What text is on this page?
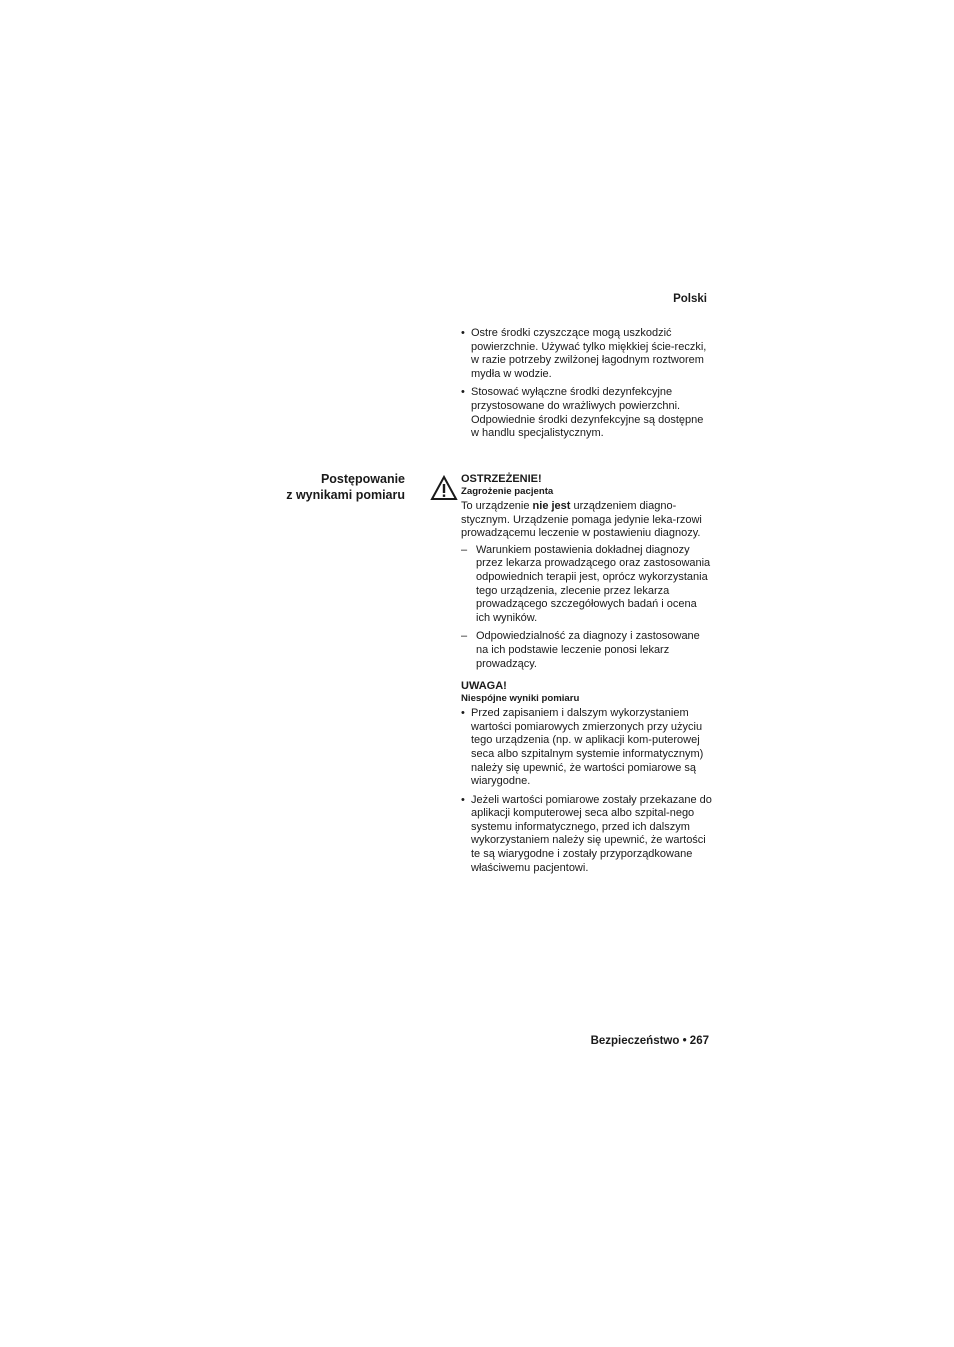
Polski

• Ostre środki czyszczące mogą uszkodzić powierzchnie. Używać tylko miękkiej ście-reczki, w razie potrzeby zwilżonej łagodnym roztworem mydła w wodzie.

• Stosować wyłączne środki dezynfekcyjne przystosowane do wrażliwych powierzchni. Odpowiednie środki dezynfekcyjne są dostępne w handlu specjalistycznym.

Postępowanie
z wynikami pomiaru
OSTRZEŻENIE!
Zagrożenie pacjenta

To urządzenie nie jest urządzeniem diagno-stycznym. Urządzenie pomaga jedynie leka-rzowi prowadzącemu leczenie w postawieniu diagnozy.

– Warunkiem postawienia dokładnej diagnozy przez lekarza prowadzącego oraz zastosowania odpowiednich terapii jest, oprócz wykorzystania tego urządzenia, zlecenie przez lekarza prowadzącego szczegółowych badań i ocena ich wyników.

– Odpowiedzialność za diagnozy i zastosowane na ich podstawie leczenie ponosi lekarz prowadzący.

UWAGA!
Niespójne wyniki pomiaru

• Przed zapisaniem i dalszym wykorzystaniem wartości pomiarowych zmierzonych przy użyciu tego urządzenia (np. w aplikacji kom-puterowej seca albo szpitalnym systemie informatycznym) należy się upewnić, że wartości pomiarowe są wiarygodne.

• Jeżeli wartości pomiarowe zostały przekazane do aplikacji komputerowej seca albo szpital-nego systemu informatycznego, przed ich dalszym wykorzystaniem należy się upewnić, że wartości te są wiarygodne i zostały przyporządkowane właściwemu pacjentowi.

Bezpieczeństwo • 267
